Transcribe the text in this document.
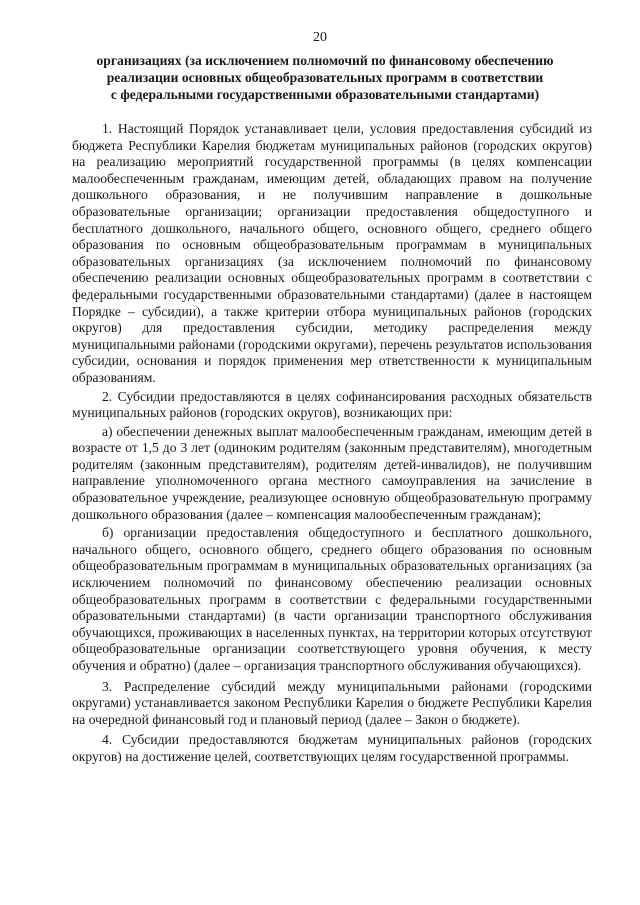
20
организациях (за исключением полномочий по финансовому обеспечению
реализации основных общеобразовательных программ в соответствии
с федеральными государственными образовательными стандартами)

1. Настоящий Порядок устанавливает цели, условия предоставления субсидий из бюджета Республики Карелия бюджетам муниципальных районов (городских округов) на реализацию мероприятий государственной программы (в целях компенсации малообеспеченным гражданам, имеющим детей, обладающих правом на получение дошкольного образования, и не получившим направление в дошкольные образовательные организации; организации предоставления общедоступного и бесплатного дошкольного, начального общего, основного общего, среднего общего образования по основным общеобразовательным программам в муниципальных образовательных организациях (за исключением полномочий по финансовому обеспечению реализации основных общеобразовательных программ в соответствии с федеральными государственными образовательными стандартами) (далее в настоящем Порядке – субсидии), а также критерии отбора муниципальных районов (городских округов) для предоставления субсидии, методику распределения между муниципальными районами (городскими округами), перечень результатов использования субсидии, основания и порядок применения мер ответственности к муниципальным образованиям.

2. Субсидии предоставляются в целях софинансирования расходных обязательств муниципальных районов (городских округов), возникающих при:

а) обеспечении денежных выплат малообеспеченным гражданам, имеющим детей в возрасте от 1,5 до 3 лет (одиноким родителям (законным представителям), многодетным родителям (законным представителям), родителям детей-инвалидов), не получившим направление уполномоченного органа местного самоуправления на зачисление в образовательное учреждение, реализующее основную общеобразовательную программу дошкольного образования (далее – компенсация малообеспеченным гражданам);

б) организации предоставления общедоступного и бесплатного дошкольного, начального общего, основного общего, среднего общего образования по основным общеобразовательным программам в муниципальных образовательных организациях (за исключением полномочий по финансовому обеспечению реализации основных общеобразовательных программ в соответствии с федеральными государственными образовательными стандартами) (в части организации транспортного обслуживания обучающихся, проживающих в населенных пунктах, на территории которых отсутствуют общеобразовательные организации соответствующего уровня обучения, к месту обучения и обратно) (далее – организация транспортного обслуживания обучающихся).

3. Распределение субсидий между муниципальными районами (городскими округами) устанавливается законом Республики Карелия о бюджете Республики Карелия на очередной финансовый год и плановый период (далее – Закон о бюджете).

4. Субсидии предоставляются бюджетам муниципальных районов (городских округов) на достижение целей, соответствующих целям государственной программы.
